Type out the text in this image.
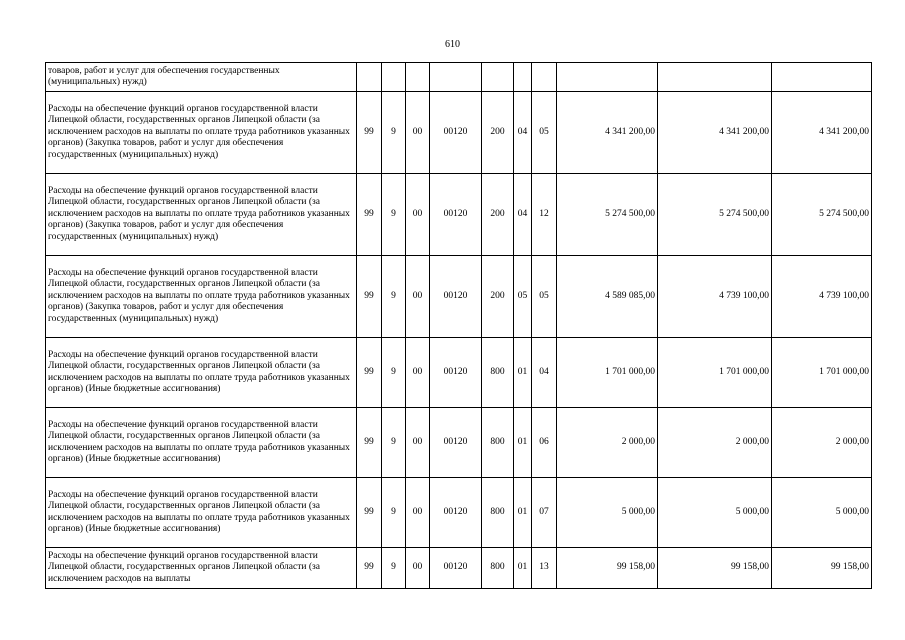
610
товаров, работ и услуг для обеспечения государственных (муниципальных) нужд)										
Расходы на обеспечение функций органов государственной власти Липецкой области, государственных органов Липецкой области (за исключением расходов на выплаты по оплате труда работников указанных органов) (Закупка товаров, работ и услуг для обеспечения государственных (муниципальных) нужд)	99	9	00	00120	200	04	05	4 341 200,00	4 341 200,00	4 341 200,00
Расходы на обеспечение функций органов государственной власти Липецкой области, государственных органов Липецкой области (за исключением расходов на выплаты по оплате труда работников указанных органов) (Закупка товаров, работ и услуг для обеспечения государственных (муниципальных) нужд)	99	9	00	00120	200	04	12	5 274 500,00	5 274 500,00	5 274 500,00
Расходы на обеспечение функций органов государственной власти Липецкой области, государственных органов Липецкой области (за исключением расходов на выплаты по оплате труда работников указанных органов) (Закупка товаров, работ и услуг для обеспечения государственных (муниципальных) нужд)	99	9	00	00120	200	05	05	4 589 085,00	4 739 100,00	4 739 100,00
Расходы на обеспечение функций органов государственной власти Липецкой области, государственных органов Липецкой области (за исключением расходов на выплаты по оплате труда работников указанных органов) (Иные бюджетные ассигнования)	99	9	00	00120	800	01	04	1 701 000,00	1 701 000,00	1 701 000,00
Расходы на обеспечение функций органов государственной власти Липецкой области, государственных органов Липецкой области (за исключением расходов на выплаты по оплате труда работников указанных органов) (Иные бюджетные ассигнования)	99	9	00	00120	800	01	06	2 000,00	2 000,00	2 000,00
Расходы на обеспечение функций органов государственной власти Липецкой области, государственных органов Липецкой области (за исключением расходов на выплаты по оплате труда работников указанных органов) (Иные бюджетные ассигнования)	99	9	00	00120	800	01	07	5 000,00	5 000,00	5 000,00
Расходы на обеспечение функций органов государственной власти Липецкой области, государственных органов Липецкой области (за исключением расходов на выплаты	99	9	00	00120	800	01	13	99 158,00	99 158,00	99 158,00
